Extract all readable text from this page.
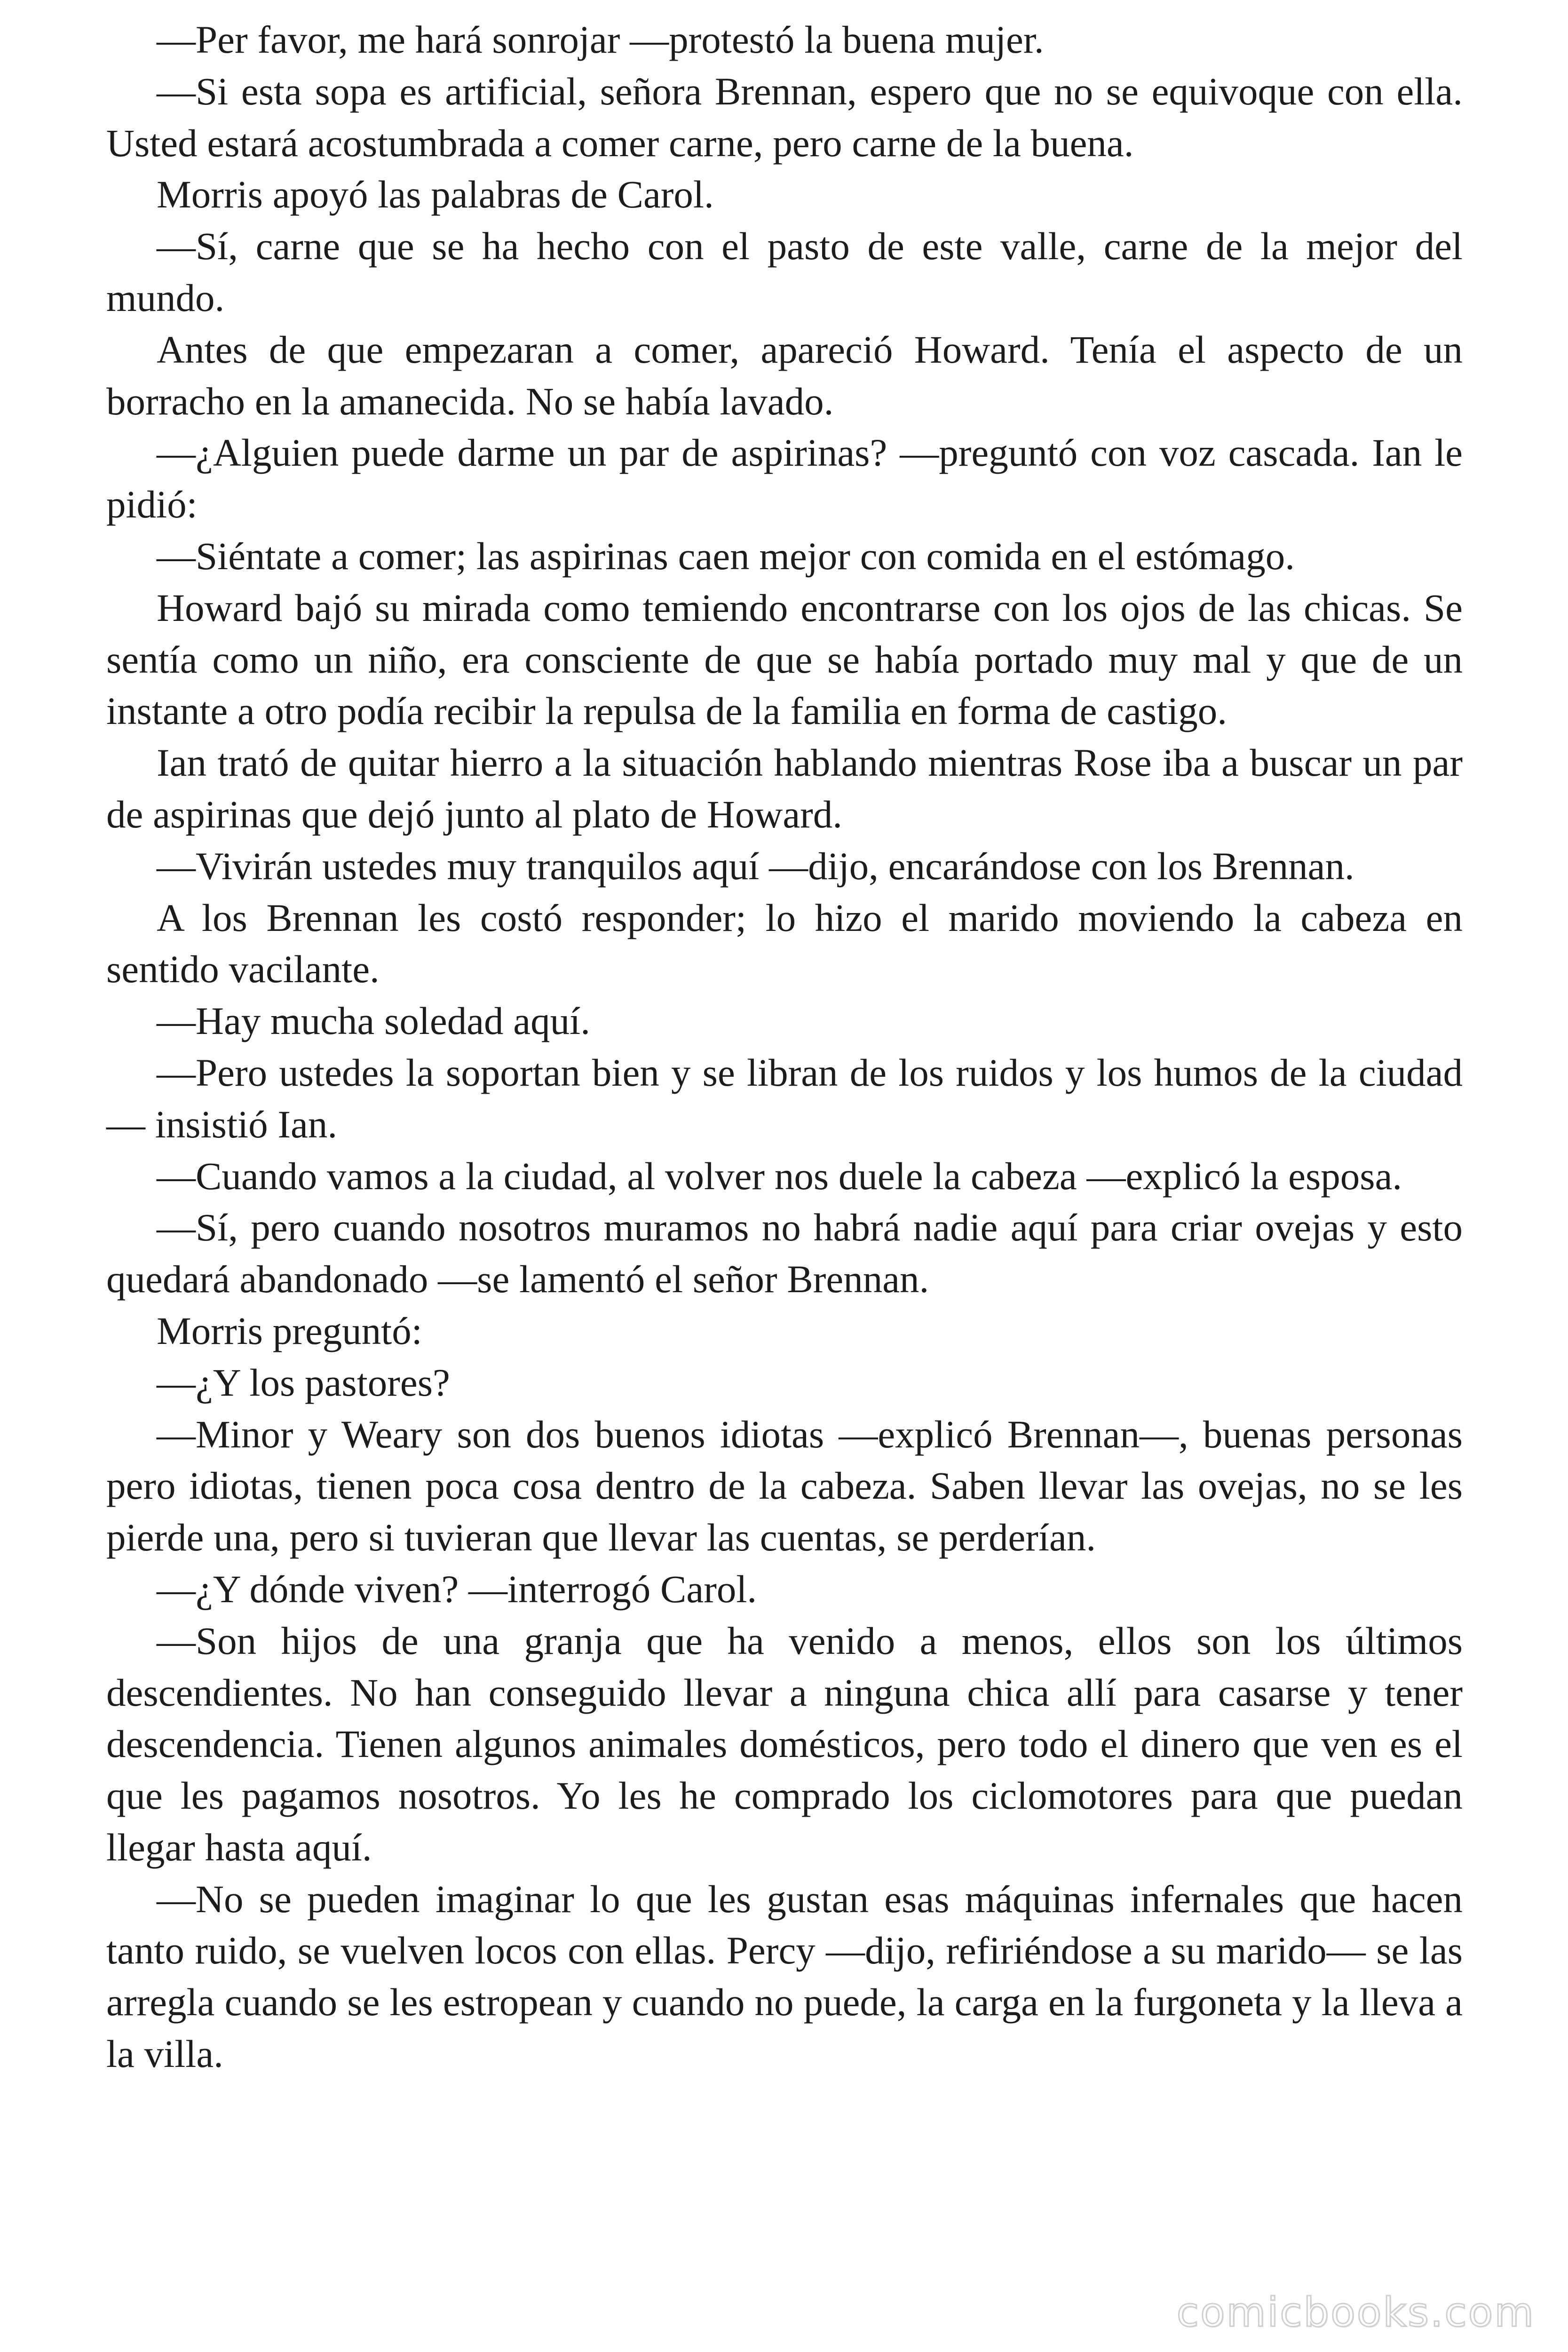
—Per favor, me hará sonrojar —protestó la buena mujer.

—Si esta sopa es artificial, señora Brennan, espero que no se equivoque con ella. Usted estará acostumbrada a comer carne, pero carne de la buena.

Morris apoyó las palabras de Carol.

—Sí, carne que se ha hecho con el pasto de este valle, carne de la mejor del mundo.

Antes de que empezaran a comer, apareció Howard. Tenía el aspecto de un borracho en la amanecida. No se había lavado.

—¿Alguien puede darme un par de aspirinas? —preguntó con voz cascada. Ian le pidió:

—Siéntate a comer; las aspirinas caen mejor con comida en el estómago.

Howard bajó su mirada como temiendo encontrarse con los ojos de las chicas. Se sentía como un niño, era consciente de que se había portado muy mal y que de un instante a otro podía recibir la repulsa de la familia en forma de castigo.

Ian trató de quitar hierro a la situación hablando mientras Rose iba a buscar un par de aspirinas que dejó junto al plato de Howard.

—Vivirán ustedes muy tranquilos aquí —dijo, encarándose con los Brennan.

A los Brennan les costó responder; lo hizo el marido moviendo la cabeza en sentido vacilante.

—Hay mucha soledad aquí.

—Pero ustedes la soportan bien y se libran de los ruidos y los humos de la ciudad — insistió Ian.

—Cuando vamos a la ciudad, al volver nos duele la cabeza —explicó la esposa.

—Sí, pero cuando nosotros muramos no habrá nadie aquí para criar ovejas y esto quedará abandonado —se lamentó el señor Brennan.

Morris preguntó:

—¿Y los pastores?

—Minor y Weary son dos buenos idiotas —explicó Brennan—, buenas personas pero idiotas, tienen poca cosa dentro de la cabeza. Saben llevar las ovejas, no se les pierde una, pero si tuvieran que llevar las cuentas, se perderían.

—¿Y dónde viven? —interrogó Carol.

—Son hijos de una granja que ha venido a menos, ellos son los últimos descendientes. No han conseguido llevar a ninguna chica allí para casarse y tener descendencia. Tienen algunos animales domésticos, pero todo el dinero que ven es el que les pagamos nosotros. Yo les he comprado los ciclomotores para que puedan llegar hasta aquí.

—No se pueden imaginar lo que les gustan esas máquinas infernales que hacen tanto ruido, se vuelven locos con ellas. Percy —dijo, refiriéndose a su marido— se las arregla cuando se les estropean y cuando no puede, la carga en la furgoneta y la lleva a la villa.

comicbooks.com
